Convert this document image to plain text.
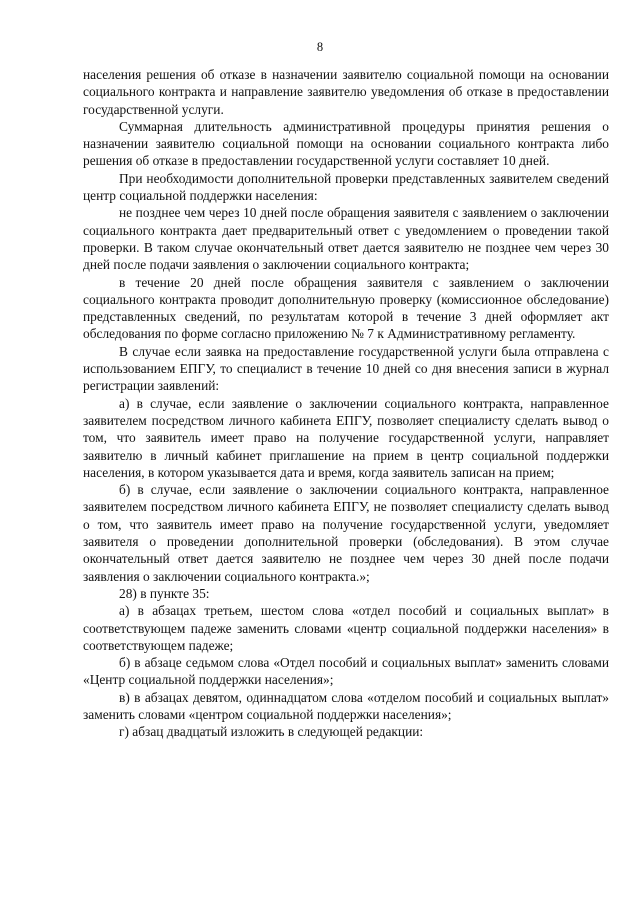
8

населения решения об отказе в назначении заявителю социальной помощи на основании социального контракта и направление заявителю уведомления об отказе в предоставлении государственной услуги.

Суммарная длительность административной процедуры принятия решения о назначении заявителю социальной помощи на основании социального контракта либо решения об отказе в предоставлении государственной услуги составляет 10 дней.

При необходимости дополнительной проверки представленных заявителем сведений центр социальной поддержки населения:

не позднее чем через 10 дней после обращения заявителя с заявлением о заключении социального контракта дает предварительный ответ с уведомлением о проведении такой проверки. В таком случае окончательный ответ дается заявителю не позднее чем через 30 дней после подачи заявления о заключении социального контракта;

в течение 20 дней после обращения заявителя с заявлением о заключении социального контракта проводит дополнительную проверку (комиссионное обследование) представленных сведений, по результатам которой в течение 3 дней оформляет акт обследования по форме согласно приложению № 7 к Административному регламенту.

В случае если заявка на предоставление государственной услуги была отправлена с использованием ЕПГУ, то специалист в течение 10 дней со дня внесения записи в журнал регистрации заявлений:

а) в случае, если заявление о заключении социального контракта, направленное заявителем посредством личного кабинета ЕПГУ, позволяет специалисту сделать вывод о том, что заявитель имеет право на получение государственной услуги, направляет заявителю в личный кабинет приглашение на прием в центр социальной поддержки населения, в котором указывается дата и время, когда заявитель записан на прием;

б) в случае, если заявление о заключении социального контракта, направленное заявителем посредством личного кабинета ЕПГУ, не позволяет специалисту сделать вывод о том, что заявитель имеет право на получение государственной услуги, уведомляет заявителя о проведении дополнительной проверки (обследования). В этом случае окончательный ответ дается заявителю не позднее чем через 30 дней после подачи заявления о заключении социального контракта.»;

28) в пункте 35:

а) в абзацах третьем, шестом слова «отдел пособий и социальных выплат» в соответствующем падеже заменить словами «центр социальной поддержки населения» в соответствующем падеже;

б) в абзаце седьмом слова «Отдел пособий и социальных выплат» заменить словами «Центр социальной поддержки населения»;

в) в абзацах девятом, одиннадцатом слова «отделом пособий и социальных выплат» заменить словами «центром социальной поддержки населения»;

г) абзац двадцатый изложить в следующей редакции:
